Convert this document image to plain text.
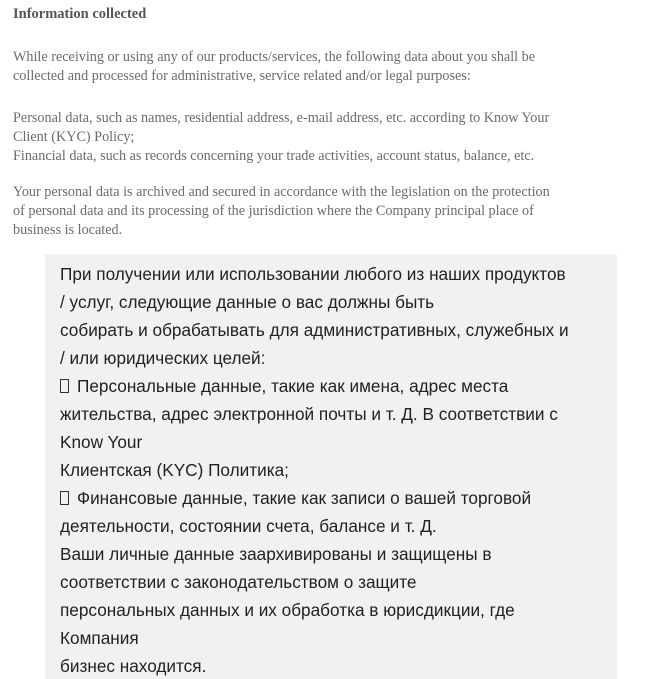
Information collected

While receiving or using any of our products/services, the following data about you shall be

collected and processed for administrative, service related and/or legal purposes:

Personal data, such as names, residential address, e-mail address, etc. according to Know Your

Client (KYC) Policy;

Financial data, such as records concerning your trade activities, account status, balance, etc.

Your personal data is archived and secured in accordance with the legislation on the protection

of personal data and its processing of the jurisdiction where the Company principal place of

business is located.

При получении или использовании любого из наших продуктов

/ услуг, следующие данные о вас должны быть

собирать и обрабатывать для административных, служебных и

/ или юридических целей:

Персональные данные, такие как имена, адрес места

жительства, адрес электронной почты и т. Д. В соответствии с

Know Your

Клиентская (KYC) Политика;

Финансовые данные, такие как записи о вашей торговой

деятельности, состоянии счета, балансе и т. Д.

Ваши личные данные заархивированы и защищены в

соответствии с законодательством о защите

персональных данных и их обработка в юрисдикции, где

Компания

бизнес находится.
